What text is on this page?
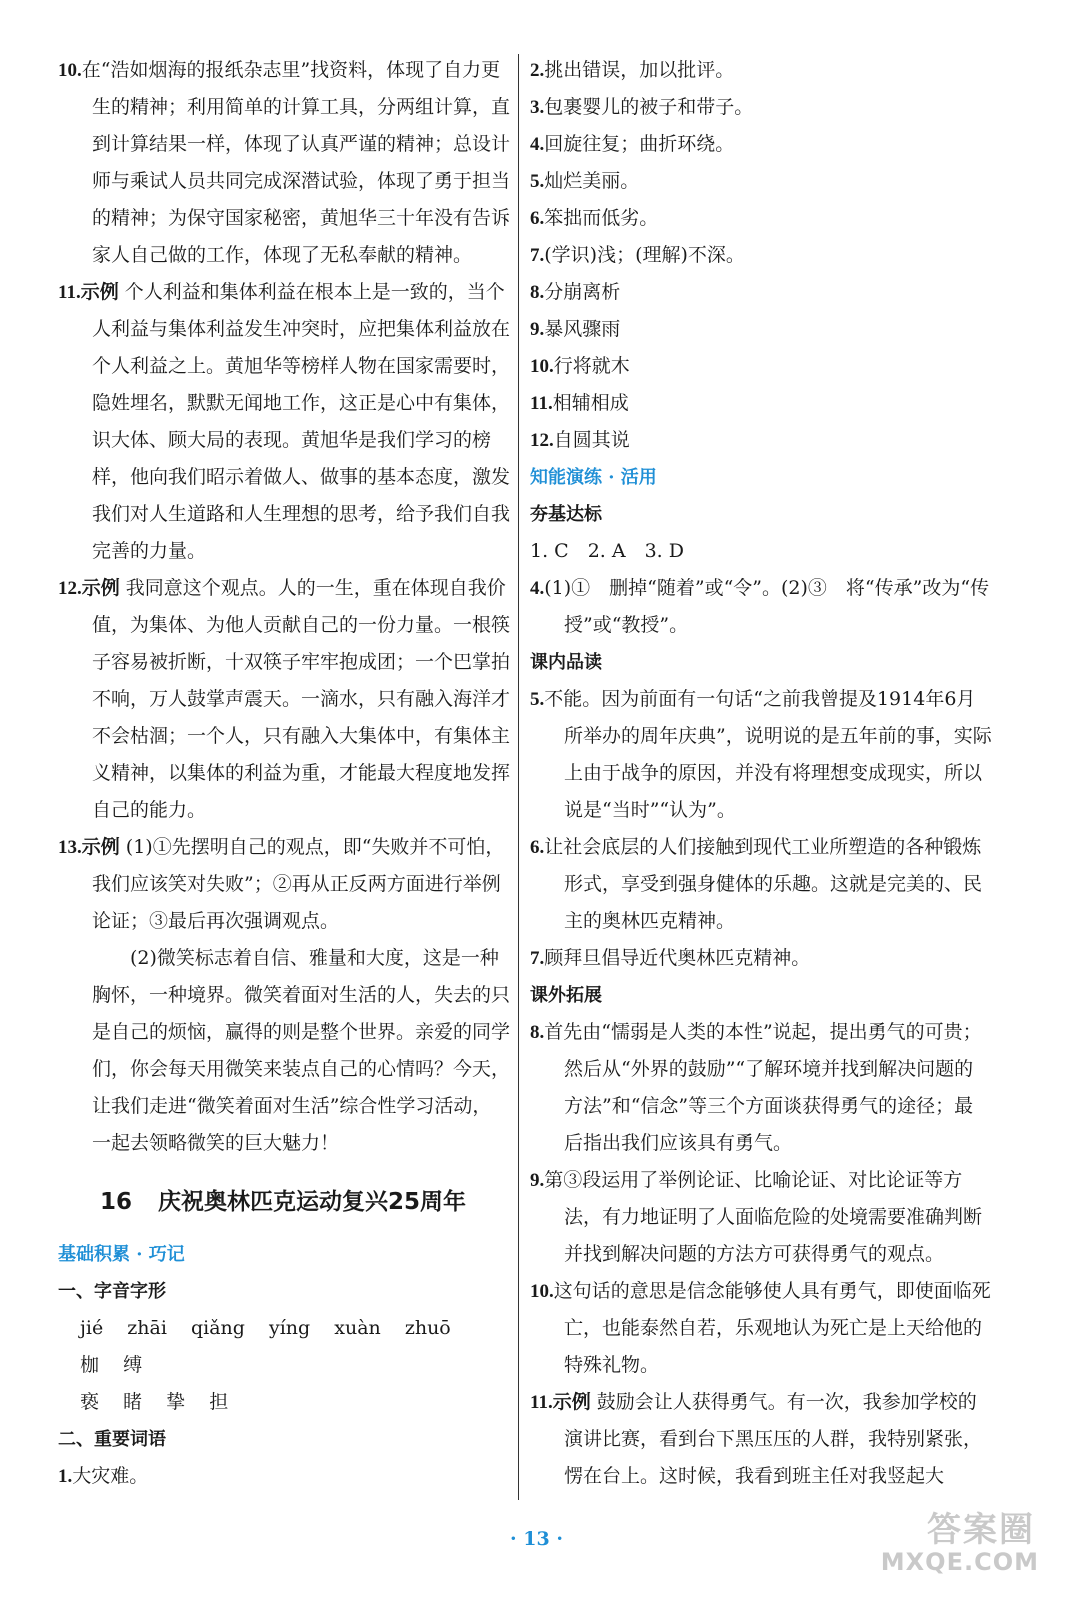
10.在“浩如烟海的报纸杂志里”找资料，体现了自力更生的精神；利用简单的计算工具，分两组计算，直到计算结果一样，体现了认真严谨的精神；总设计师与乘试人员共同完成深潜试验，体现了勇于担当的精神；为保守国家秘密，黄旭华三十年没有告诉家人自己做的工作，体现了无私奉献的精神。

11.示例 个人利益和集体利益在根本上是一致的，当个人利益与集体利益发生冲突时，应把集体利益放在个人利益之上。黄旭华等榜样人物在国家需要时，隐姓埋名，默默无闻地工作，这正是心中有集体，识大体、顾大局的表现。黄旭华是我们学习的榜样，他向我们昭示着做人、做事的基本态度，激发我们对人生道路和人生理想的思考，给予我们自我完善的力量。

12.示例 我同意这个观点。人的一生，重在体现自我价值，为集体、为他人贡献自己的一份力量。一根筷子容易被折断，十双筷子牢牢抱成团；一个巴掌拍不响，万人鼓掌声震天。一滴水，只有融入海洋才不会枯涸；一个人，只有融入大集体中，有集体主义精神，以集体的利益为重，才能最大程度地发挥自己的能力。

13.示例 (1)①先摆明自己的观点，即“失败并不可怕，我们应该笑对失败”；②再从正反两方面进行举例论证；③最后再次强调观点。

(2)微笑标志着自信、雅量和大度，这是一种胸怀，一种境界。微笑着面对生活的人，失去的只是自己的烦恼，赢得的则是整个世界。亲爱的同学们，你会每天用微笑来装点自己的心情吗？今天，让我们走进“微笑着面对生活”综合性学习活动，一起去领略微笑的巨大魅力！

16 庆祝奥林匹克运动复兴25周年

基础积累 · 巧记

一、字音字形

jié zhāi qiǎng yíng xuàn zhuō 枷 缚

亵 睹 挚 担

二、重要词语

1.大灾难。

2.挑出错误，加以批评。

3.包裹婴儿的被子和带子。

4.回旋往复；曲折环绕。

5.灿烂美丽。

6.笨拙而低劣。

7.(学识)浅；(理解)不深。

8.分崩离析

9.暴风骤雨

10.行将就木

11.相辅相成

12.自圆其说

知能演练 · 活用

夯基达标

1. C　2. A　3. D

4.(1)①　删掉“随着”或“令”。(2)③　将“传承”改为“传授”或“教授”。

课内品读

5.不能。因为前面有一句话“之前我曾提及1914年6月所举办的周年庆典”，说明说的是五年前的事，实际上由于战争的原因，并没有将理想变成现实，所以说是“当时”“认为”。

6.让社会底层的人们接触到现代工业所塑造的各种锻炼形式，享受到强身健体的乐趣。这就是完美的、民主的奥林匹克精神。

7.顾拜旦倡导近代奥林匹克精神。

课外拓展

8.首先由“懦弱是人类的本性”说起，提出勇气的可贵；然后从“外界的鼓励”“了解环境并找到解决问题的方法”和“信念”等三个方面谈获得勇气的途径；最后指出我们应该具有勇气。

9.第③段运用了举例论证、比喻论证、对比论证等方法，有力地证明了人面临危险的处境需要准确判断并找到解决问题的方法方可获得勇气的观点。

10.这句话的意思是信念能够使人具有勇气，即使面临死亡，也能泰然自若，乐观地认为死亡是上天给他的特殊礼物。

11.示例 鼓励会让人获得勇气。有一次，我参加学校的演讲比赛，看到台下黑压压的人群，我特别紧张，愣在台上。这时候，我看到班主任对我竖起大

· 13 ·	答案圈
MXQE.COM
